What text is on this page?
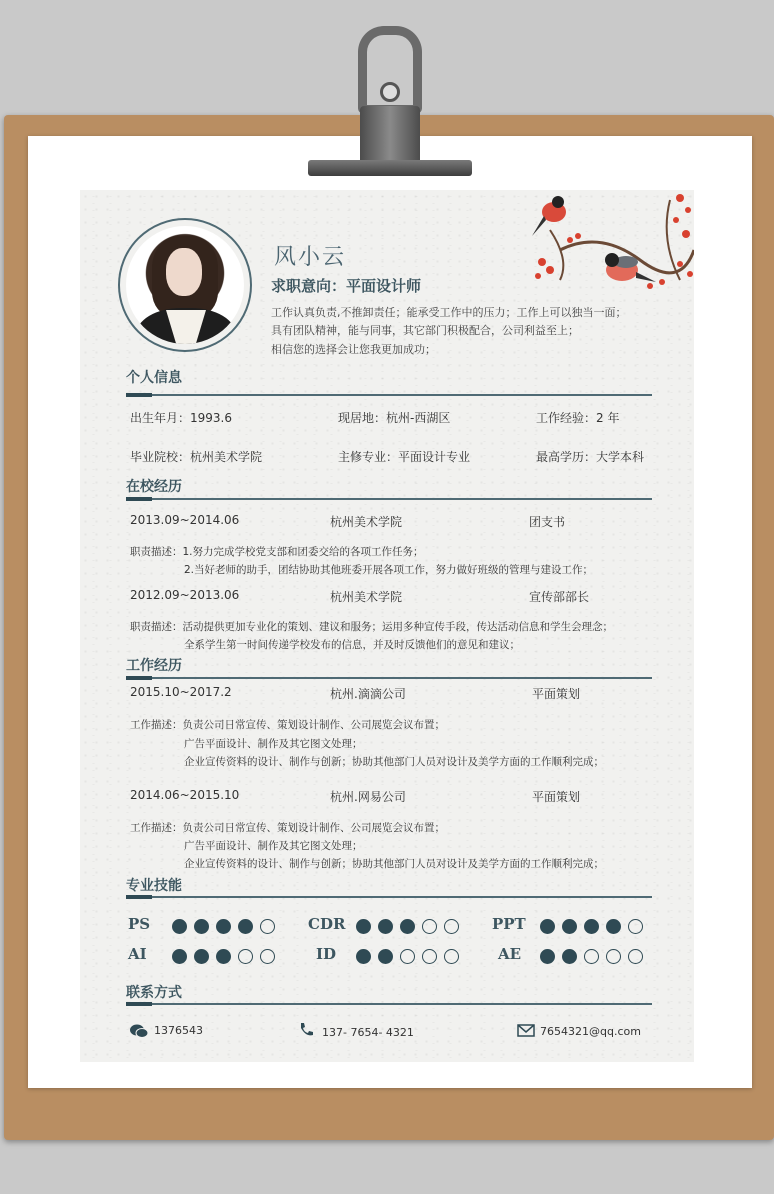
风小云
求职意向：平面设计师
工作认真负责,不推卸责任；能承受工作中的压力；工作上可以独当一面；
具有团队精神，能与同事，其它部门积极配合，公司利益至上；
相信您的选择会让您我更加成功；
个人信息
出生年月：1993.6	现居地：杭州-西湖区	工作经验：2 年
毕业院校：杭州美术学院	主修专业：平面设计专业	最高学历：大学本科
在校经历
2013.09~2014.06	杭州美术学院	团支书
职责描述：1.努力完成学校党支部和团委交给的各项工作任务；
2.当好老师的助手，团结协助其他班委开展各项工作，努力做好班级的管理与建设工作；
2012.09~2013.06	杭州美术学院	宣传部部长
职责描述：活动提供更加专业化的策划、建议和服务；运用多种宣传手段，传达活动信息和学生会理念；
全系学生第一时间传递学校发布的信息，并及时反馈他们的意见和建议；
工作经历
2015.10~2017.2	杭州.滴滴公司	平面策划
工作描述：负责公司日常宣传、策划设计制作、公司展览会议布置；
广告平面设计、制作及其它图文处理；
企业宣传资料的设计、制作与创新；协助其他部门人员对设计及美学方面的工作顺利完成；
2014.06~2015.10	杭州.网易公司	平面策划
工作描述：负责公司日常宣传、策划设计制作、公司展览会议布置；
广告平面设计、制作及其它图文处理；
企业宣传资料的设计、制作与创新；协助其他部门人员对设计及美学方面的工作顺利完成；
专业技能
PS	CDR	PPT
AI	ID	AE
联系方式
1376543	137- 7654- 4321	7654321@qq.com
